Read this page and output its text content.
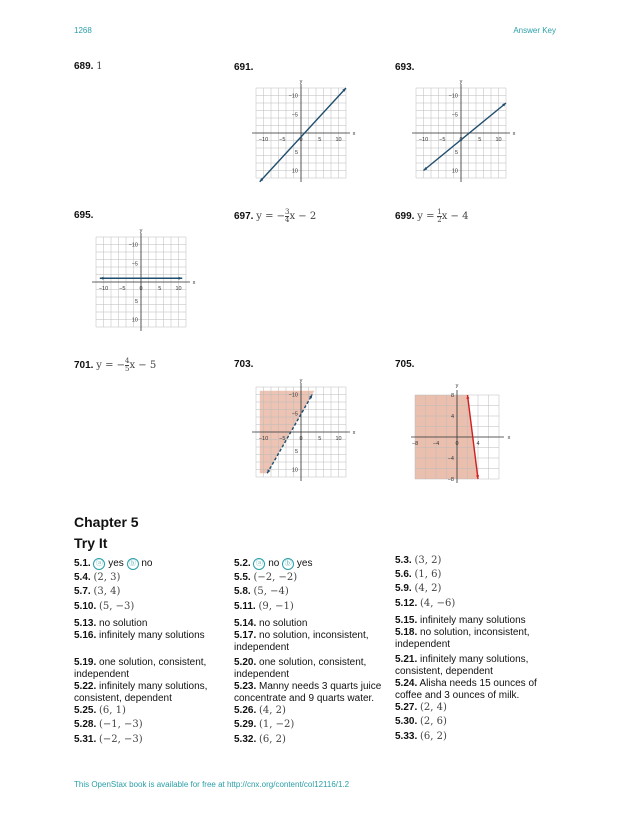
1268	Answer Key
689. 1	691.	693.
x
y
−10 −5	0	5	10
−10
−5
5
10
x
y
−10 −5	5	10
−10
−5
5
10
695.
x
y
−10 −5	0	5	10
−10
−5
5
10
697. y = − $\frac{3}{4}$ x − 2	699. $y = \frac{1}{2}$ x − 4
701. y = − $\frac{4}{5}$ x − 5	703.	705.
x
y
−10 −5	0	5	10
−10
−5
5
10
x
y
−8	−4	0	4
8
4
−4
−8
Chapter 5
Try It
5.1. ⓐ yes ⓑ no
5.4. (2, 3)
5.7. (3, 4)
5.10. (5, −3)
5.13. no solution
5.16. infinitely many solutions
5.19. one solution, consistent,
independent
5.22. infinitely many solutions,
consistent, dependent
5.25. (6, 1)
5.28. (−1, −3)
5.31. (−2, −3)
5.2. ⓐ no ⓑ yes
5.5. (−2, −2)
5.8. (5, −4)
5.11. (9, −1)
5.14. no solution
5.17. no solution, inconsistent,
independent
5.20. one solution, consistent,
independent
5.23. Manny needs 3 quarts juice
concentrate and 9 quarts water.
5.26. (4, 2)
5.29. (1, −2)
5.32. (6, 2)
5.3. (3, 2)
5.6. (1, 6)
5.9. (4, 2)
5.12. (4, −6)
5.15. infinitely many solutions
5.18. no solution, inconsistent,
independent
5.21. infinitely many solutions,
consistent, dependent
5.24. Alisha needs 15 ounces of
coffee and 3 ounces of milk.
5.27. (2, 4)
5.30. (2, 6)
5.33. (6, 2)
This OpenStax book is available for free at http://cnx.org/content/col12116/1.2
